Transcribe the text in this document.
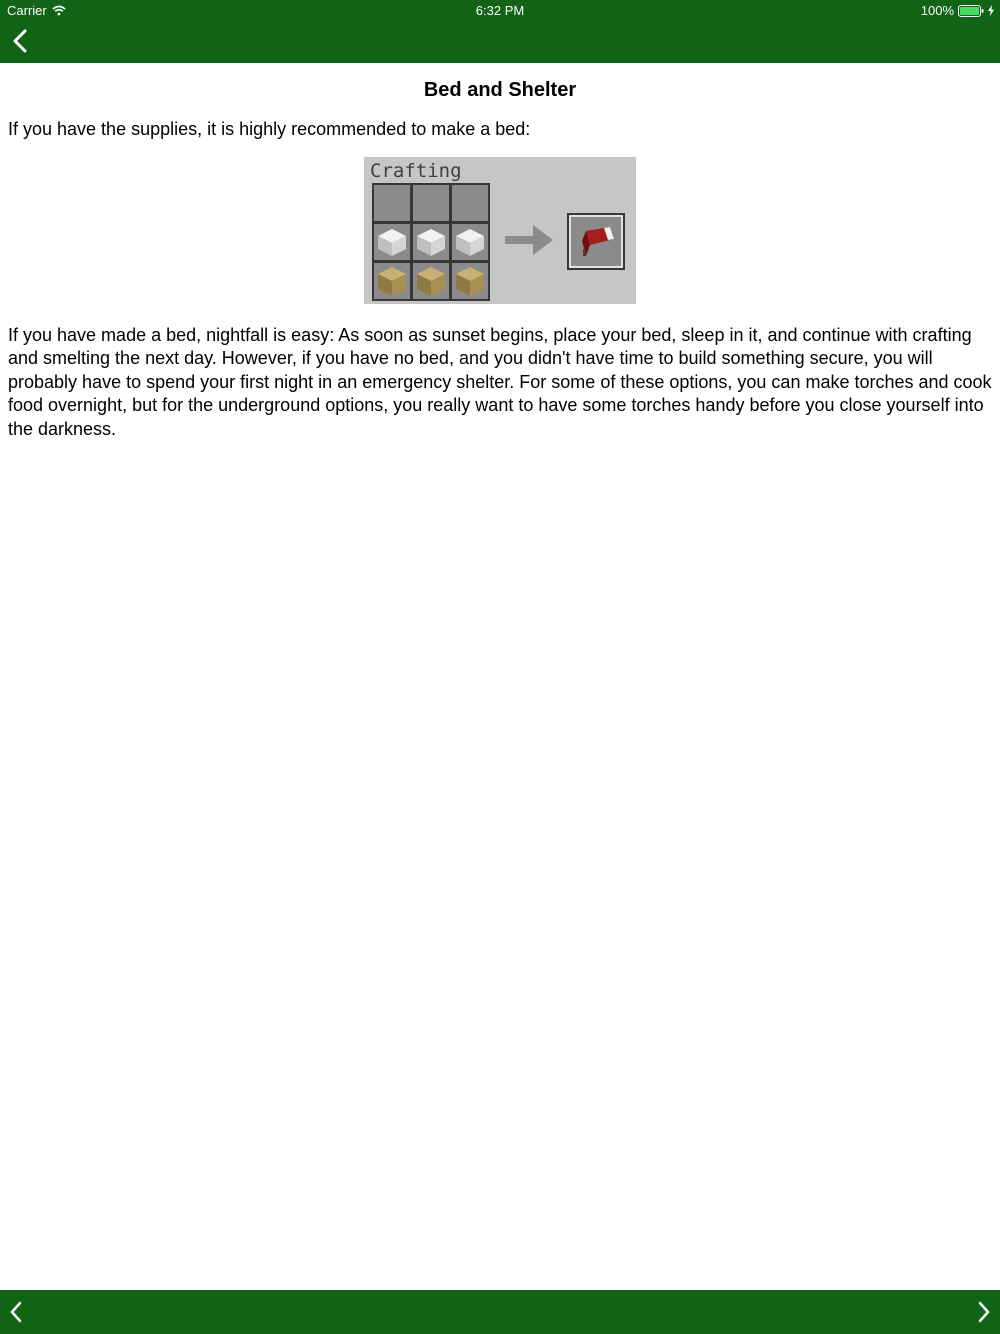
Carrier	6:32 PM	100%
Bed and Shelter

If you have the supplies, it is highly recommended to make a bed:

Crafting

If you have made a bed, nightfall is easy: As soon as sunset begins, place your bed, sleep in it, and continue with crafting and smelting the next day. However, if you have no bed, and you didn't have time to build something secure, you will probably have to spend your first night in an emergency shelter. For some of these options, you can make torches and cook food overnight, but for the underground options, you really want to have some torches handy before you close yourself into the darkness.
